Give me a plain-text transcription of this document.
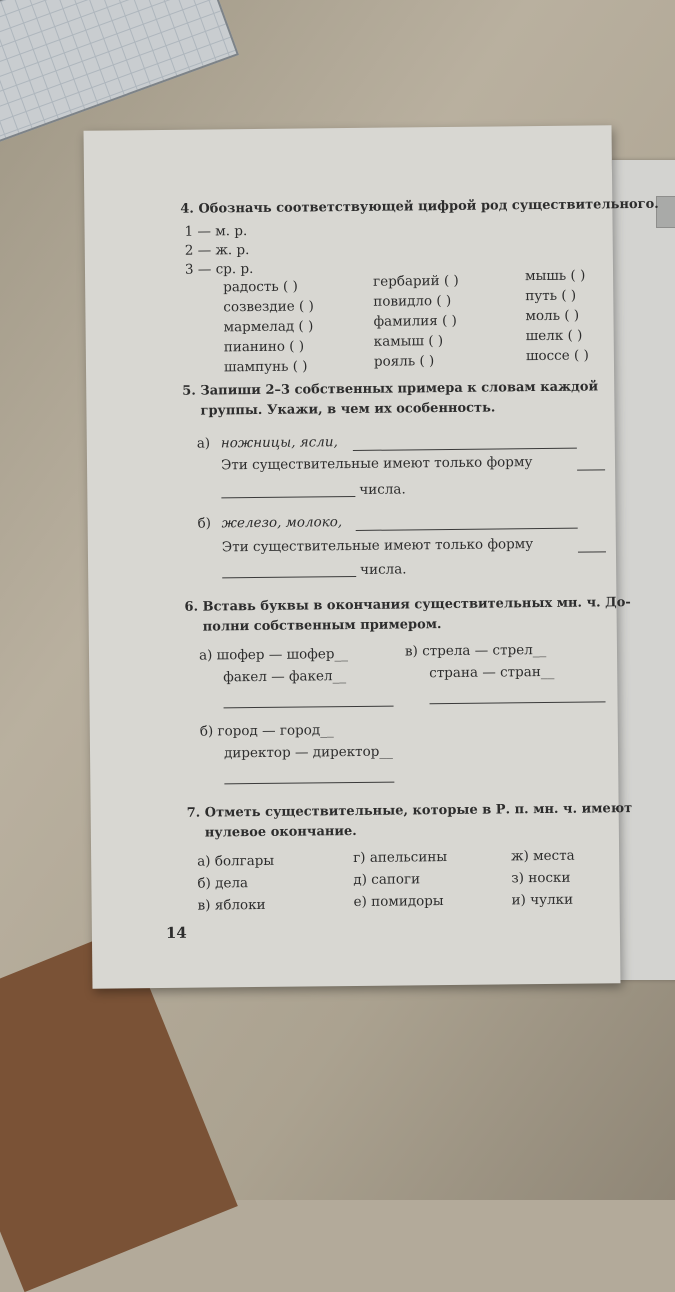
4. Обозначь соответствующей цифрой род существительного.
1 — м. р.
2 — ж. р.
3 — ср. р.
радость ( )
созвездие ( )
мармелад ( )
пианино ( )
шампунь ( )
гербарий ( )
повидло ( )
фамилия ( )
камыш ( )
рояль ( )
мышь ( )
путь ( )
моль ( )
шелк ( )
шоссе ( )
5. Запиши 2–3 собственных примера к словам каждой
группы. Укажи, в чем их особенность.
а) ножницы, ясли,
Эти существительные имеют только форму
числа.
б) железо, молоко,
Эти существительные имеют только форму
числа.
6. Вставь буквы в окончания существительных мн. ч. До-
полни собственным примером.
а) шофер — шофер__
факел — факел__
в) стрела — стрел__
страна — стран__
б) город — город__
директор — директор__
7. Отметь существительные, которые в Р. п. мн. ч. имеют
нулевое окончание.
а) болгары
б) дела
в) яблоки
г) апельсины
д) сапоги
е) помидоры
ж) места
з) носки
и) чулки
14
